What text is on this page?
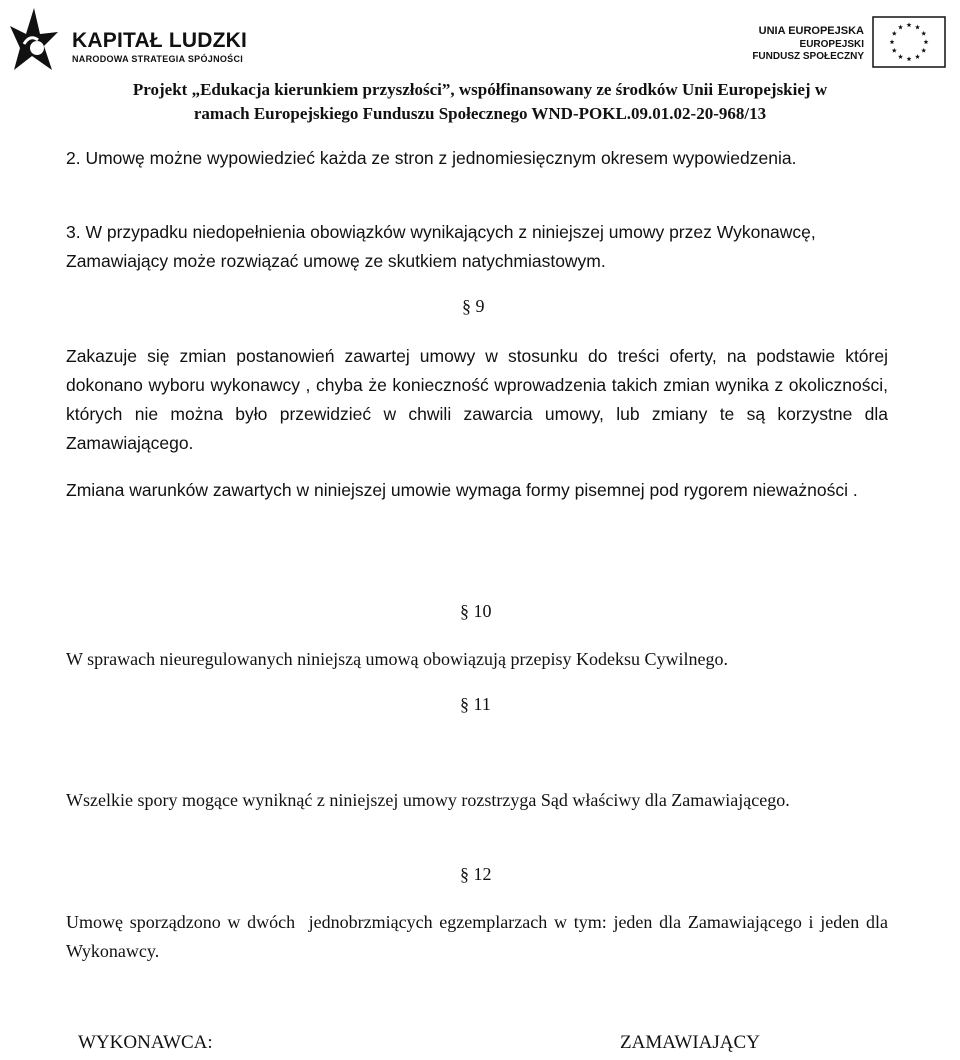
KAPITAŁ LUDZKI
NARODOWA STRATEGIA SPÓJNOŚCI
UNIA EUROPEJSKA
EUROPEJSKI
FUNDUSZ SPOŁECZNY
Projekt „Edukacja kierunkiem przyszłości”, współfinansowany ze środków Unii Europejskiej w
ramach Europejskiego Funduszu Społecznego WND-POKL.09.01.02-20-968/13
2. Umowę możne wypowiedzieć każda ze stron z jednomiesięcznym okresem wypowiedzenia.
3. W przypadku niedopełnienia obowiązków wynikających z niniejszej umowy przez Wykonawcę, Zamawiający może rozwiązać umowę ze skutkiem natychmiastowym.
§ 9
Zakazuje się zmian postanowień zawartej umowy w stosunku do treści oferty, na podstawie której dokonano wyboru wykonawcy , chyba że konieczność wprowadzenia takich zmian wynika z okoliczności, których nie można było przewidzieć w chwili zawarcia umowy, lub zmiany te są korzystne dla Zamawiającego.
Zmiana warunków zawartych w niniejszej umowie wymaga formy pisemnej pod rygorem nieważności .
§ 10
W sprawach nieuregulowanych niniejszą umową obowiązują przepisy Kodeksu Cywilnego.
§ 11
Wszelkie spory mogące wyniknąć z niniejszej umowy rozstrzyga Sąd właściwy dla Zamawiającego.
§ 12
Umowę sporządzono w dwóch  jednobrzmiących egzemplarzach w tym: jeden dla Zamawiającego i jeden dla Wykonawcy.
WYKONAWCA:	ZAMAWIAJĄCY
